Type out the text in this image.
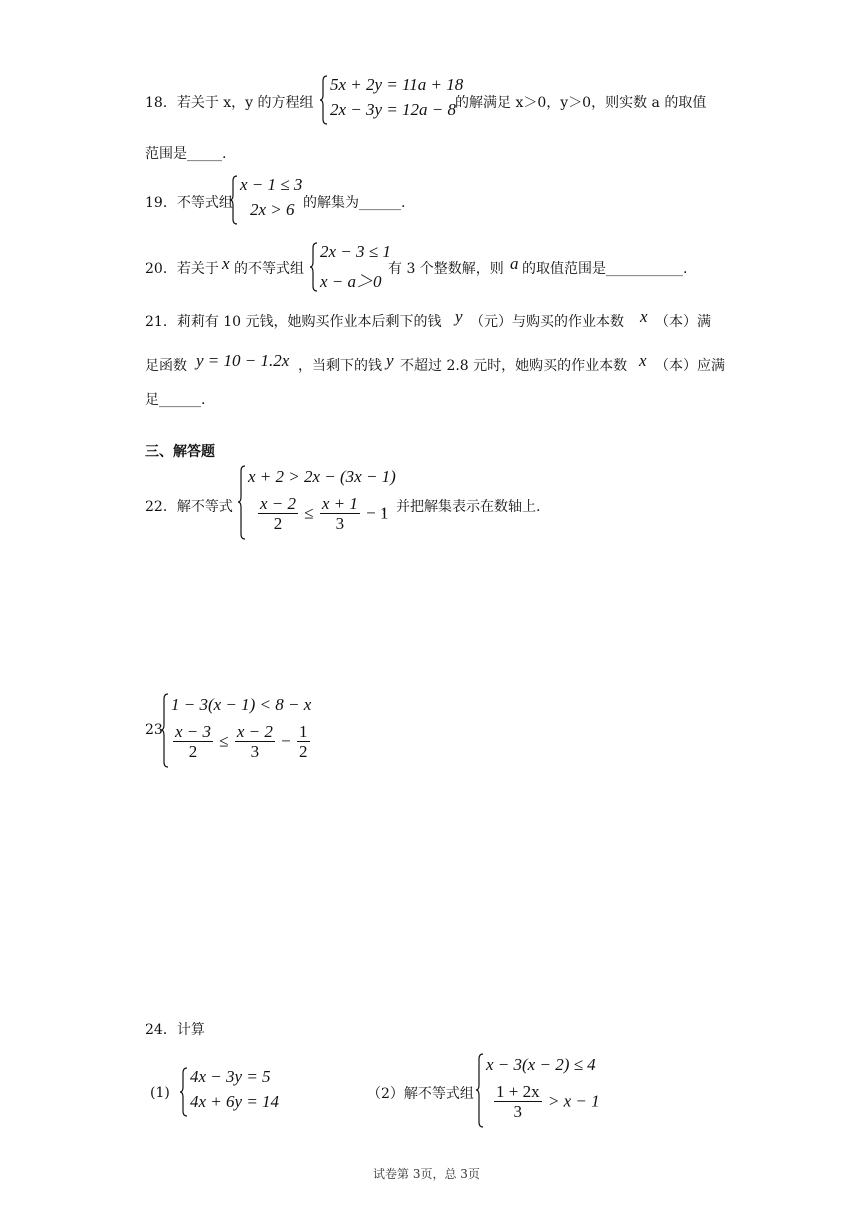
18．若关于 x，y 的方程组
5x + 2y = 11a + 18
2x − 3y = 12a − 8
的解满足 x＞0，y＞0，则实数 a 的取值
范围是_____.
19．不等式组
x − 1 ≤ 3
2x > 6 的解集为______.
20．若关于 x 的不等式组
2x − 3 ≤ 1
x − a＞0
有 3 个整数解，则 a 的取值范围是___________.
21．莉莉有 10 元钱，她购买作业本后剩下的钱 y （元）与购买的作业本数 x （本）满
足函数 y = 10 − 1.2x ，当剩下的钱 y 不超过 2.8 元时，她购买的作业本数 x （本）应满
足______.
三、解答题
22．解不等式
x + 2 > 2x − (3x − 1)
$\frac{x - 2}{2} \le \frac{x + 1}{3} - 1$
，并把解集表示在数轴上.
23
1 − 3(x − 1) < 8 − x
$\frac{x - 3}{2} \le \frac{x - 2}{3} - \frac{1}{2}$
24．计算
(1)
4x − 3y = 5
4x + 6y = 14	（2）解不等式组
x − 3(x − 2) ≤ 4
$\frac{1 + 2x}{3} > x - 1$
试卷第 3页，总 3页
